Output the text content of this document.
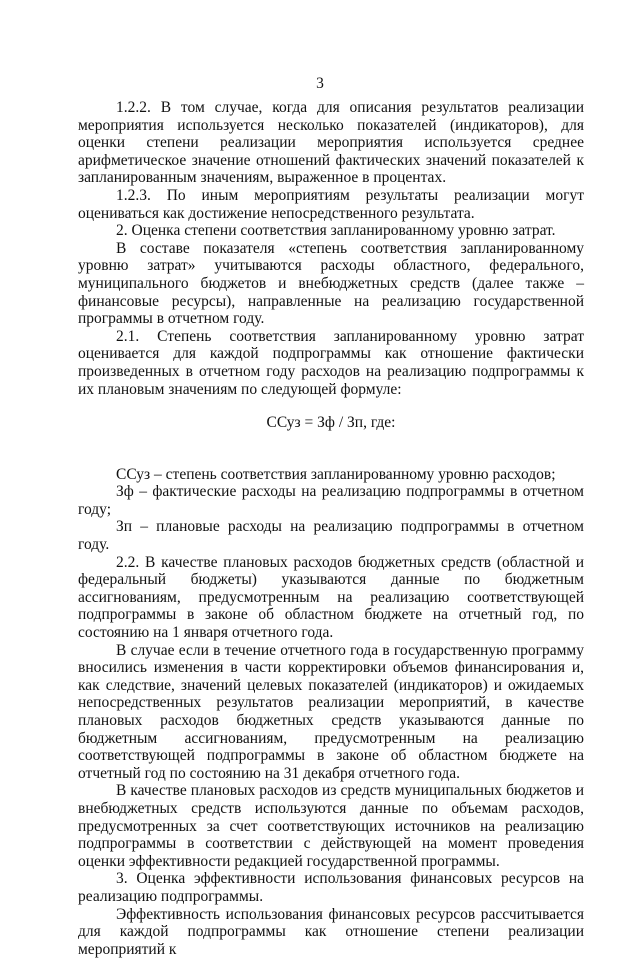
3

1.2.2. В том случае, когда для описания результатов реализации мероприятия используется несколько показателей (индикаторов), для оценки степени реализации мероприятия используется среднее арифметическое значение отношений фактических значений показателей к запланированным значениям, выраженное в процентах.

1.2.3. По иным мероприятиям результаты реализации могут оцениваться как достижение непосредственного результата.

2. Оценка степени соответствия запланированному уровню затрат.

В составе показателя «степень соответствия запланированному уровню затрат» учитываются расходы областного, федерального, муниципального бюджетов и внебюджетных средств (далее также – финансовые ресурсы), направленные на реализацию государственной программы в отчетном году.

2.1. Степень соответствия запланированному уровню затрат оценивается для каждой подпрограммы как отношение фактически произведенных в отчетном году расходов на реализацию подпрограммы к их плановым значениям по следующей формуле:

ССуз = Зф / Зп, где:

ССуз – степень соответствия запланированному уровню расходов;

Зф – фактические расходы на реализацию подпрограммы в отчетном году;

Зп – плановые расходы на реализацию подпрограммы в отчетном году.

2.2. В качестве плановых расходов бюджетных средств (областной и федеральный бюджеты) указываются данные по бюджетным ассигнованиям, предусмотренным на реализацию соответствующей подпрограммы в законе об областном бюджете на отчетный год, по состоянию на 1 января отчетного года.

В случае если в течение отчетного года в государственную программу вносились изменения в части корректировки объемов финансирования и, как следствие, значений целевых показателей (индикаторов) и ожидаемых непосредственных результатов реализации мероприятий, в качестве плановых расходов бюджетных средств указываются данные по бюджетным ассигнованиям, предусмотренным на реализацию соответствующей подпрограммы в законе об областном бюджете на отчетный год по состоянию на 31 декабря отчетного года.

В качестве плановых расходов из средств муниципальных бюджетов и внебюджетных средств используются данные по объемам расходов, предусмотренных за счет соответствующих источников на реализацию подпрограммы в соответствии с действующей на момент проведения оценки эффективности редакцией государственной программы.

3. Оценка эффективности использования финансовых ресурсов на реализацию подпрограммы.

Эффективность использования финансовых ресурсов рассчитывается для каждой подпрограммы как отношение степени реализации мероприятий к
